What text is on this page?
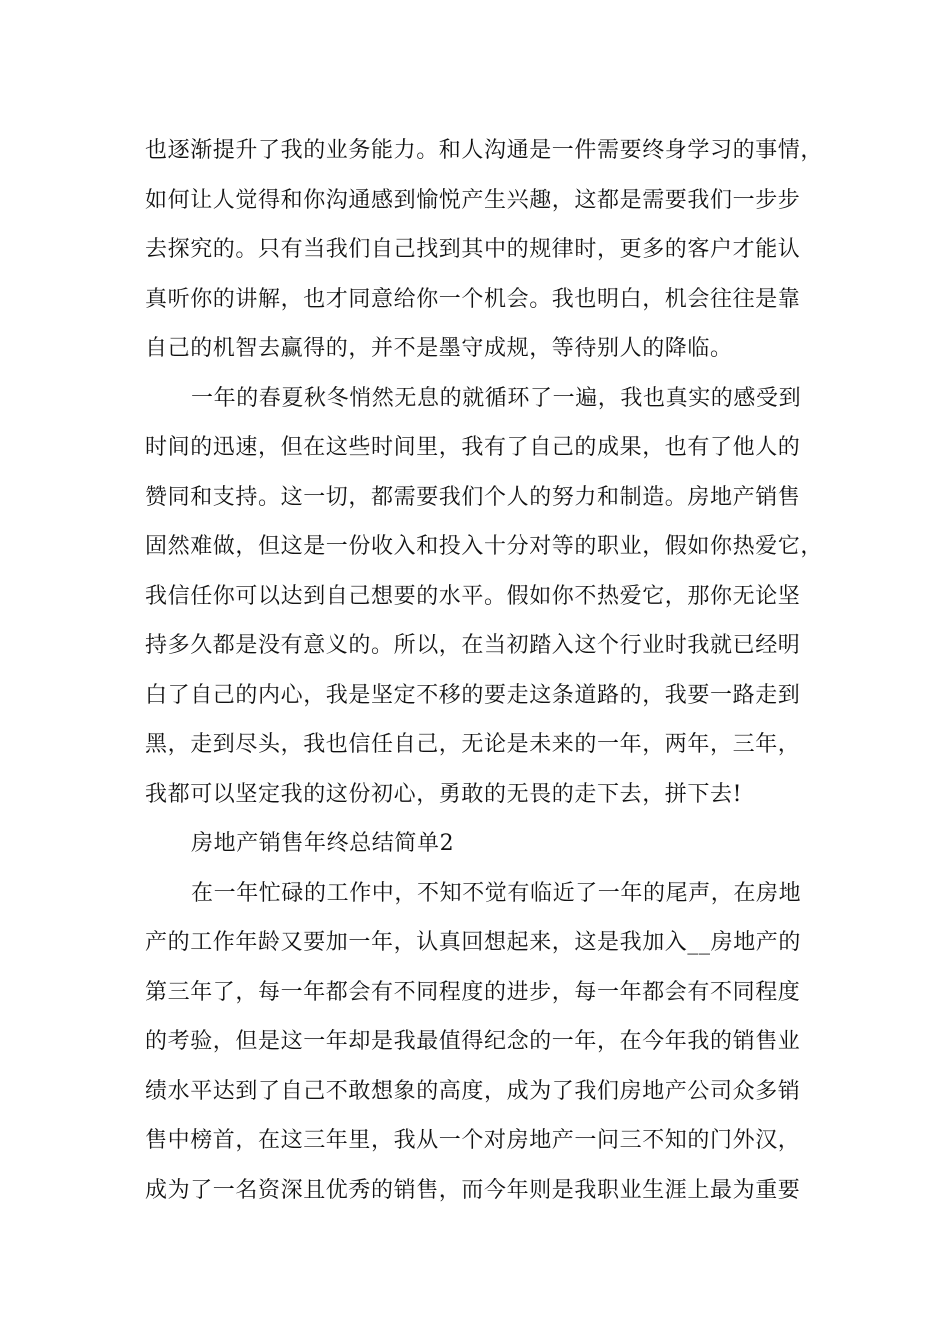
也逐渐提升了我的业务能力。和人沟通是一件需要终身学习的事情，
如何让人觉得和你沟通感到愉悦产生兴趣，这都是需要我们一步步
去探究的。只有当我们自己找到其中的规律时，更多的客户才能认
真听你的讲解，也才同意给你一个机会。我也明白，机会往往是靠
自己的机智去赢得的，并不是墨守成规，等待别人的降临。
一年的春夏秋冬悄然无息的就循环了一遍，我也真实的感受到
时间的迅速，但在这些时间里，我有了自己的成果，也有了他人的
赞同和支持。这一切，都需要我们个人的努力和制造。房地产销售
固然难做，但这是一份收入和投入十分对等的职业，假如你热爱它，
我信任你可以达到自己想要的水平。假如你不热爱它，那你无论坚
持多久都是没有意义的。所以，在当初踏入这个行业时我就已经明
白了自己的内心，我是坚定不移的要走这条道路的，我要一路走到
黑，走到尽头，我也信任自己，无论是未来的一年，两年，三年，
我都可以坚定我的这份初心，勇敢的无畏的走下去，拼下去!
房地产销售年终总结简单2
在一年忙碌的工作中，不知不觉有临近了一年的尾声，在房地
产的工作年龄又要加一年，认真回想起来，这是我加入__房地产的
第三年了，每一年都会有不同程度的进步，每一年都会有不同程度
的考验，但是这一年却是我最值得纪念的一年，在今年我的销售业
绩水平达到了自己不敢想象的高度，成为了我们房地产公司众多销
售中榜首，在这三年里，我从一个对房地产一问三不知的门外汉，
成为了一名资深且优秀的销售，而今年则是我职业生涯上最为重要
